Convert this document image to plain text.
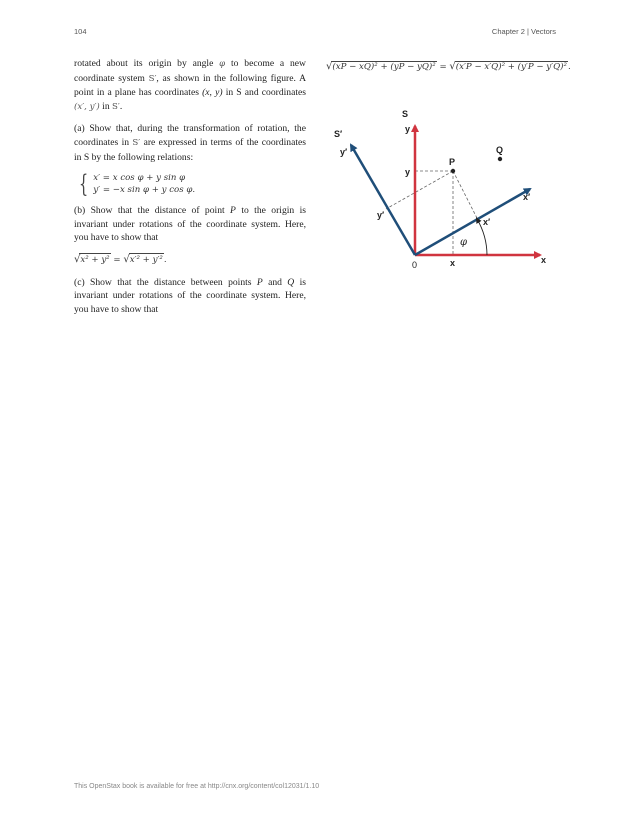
104	Chapter 2 | Vectors

rotated about its origin by angle φ to become a new coordinate system S′, as shown in the following figure. A point in a plane has coordinates (x, y) in S and coordinates (x′, y′) in S′.

(a) Show that, during the transformation of rotation, the coordinates in S′ are expressed in terms of the coordinates in S by the following relations:

{ x′ = x cos φ + y sin φ
y′ = −x sin φ + y cos φ .

(b) Show that the distance of point P to the origin is invariant under rotations of the coordinate system. Here, you have to show that

√x² + y² = √x′² + y′².

(c) Show that the distance between points P and Q is invariant under rotations of the coordinate system. Here, you have to show that

√(xP − xQ)² + (yP − yQ)² = √(x′P − x′Q)² + (y′P − y′Q)².
S
S′	y
y′
x
x′
0
P
Q
y
x
y′
x′
φ
This OpenStax book is available for free at http://cnx.org/content/col12031/1.10
